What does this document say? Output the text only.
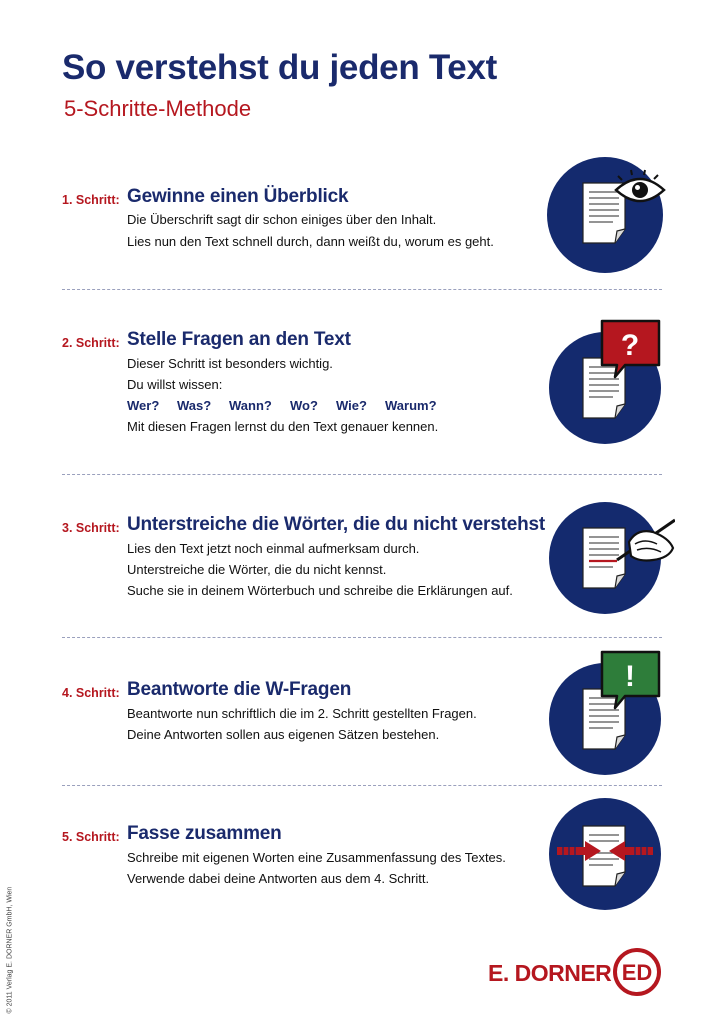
So verstehst du jeden Text
5-Schritte-Methode
1. Schritt: Gewinne einen Überblick
Die Überschrift sagt dir schon einiges über den Inhalt.
Lies nun den Text schnell durch, dann weißt du, worum es geht.
2. Schritt: Stelle Fragen an den Text
Dieser Schritt ist besonders wichtig.
Du willst wissen:
Wer? Was? Wann? Wo? Wie? Warum?
Mit diesen Fragen lernst du den Text genauer kennen.
?
3. Schritt: Unterstreiche die Wörter, die du nicht verstehst
Lies den Text jetzt noch einmal aufmerksam durch.
Unterstreiche die Wörter, die du nicht kennst.
Suche sie in deinem Wörterbuch und schreibe die Erklärungen auf.
4. Schritt: Beantworte die W-Fragen
Beantworte nun schriftlich die im 2. Schritt gestellten Fragen.
Deine Antworten sollen aus eigenen Sätzen bestehen.
!
5. Schritt: Fasse zusammen
Schreibe mit eigenen Worten eine Zusammenfassung des Textes.
Verwende dabei deine Antworten aus dem 4. Schritt.
© 2011 Verlag E. DORNER GmbH, Wien	E. DORNER ED
